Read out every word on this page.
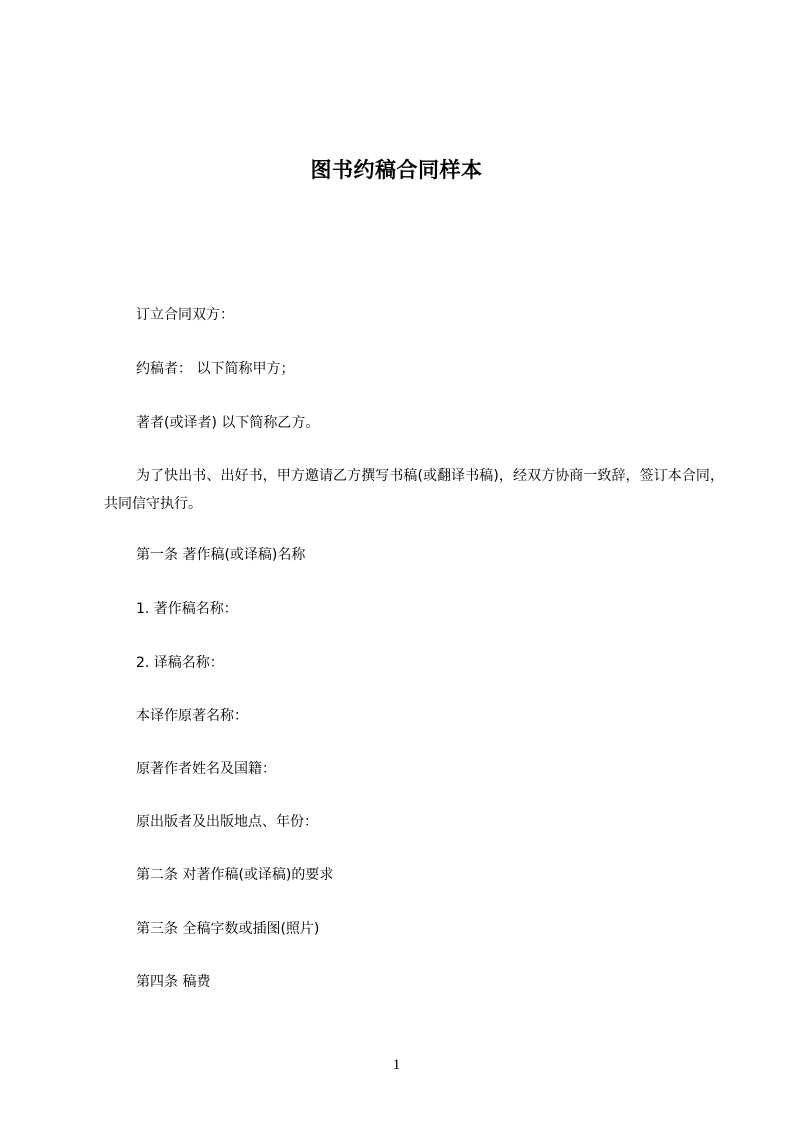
图书约稿合同样本

订立合同双方：

约稿者： 以下简称甲方；

著者(或译者) 以下简称乙方。

为了快出书、出好书，甲方邀请乙方撰写书稿(或翻译书稿)，经双方协商一致辞，签订本合同，共同信守执行。

第一条 著作稿(或译稿)名称

1. 著作稿名称：

2. 译稿名称：

本译作原著名称：

原著作者姓名及国籍：

原出版者及出版地点、年份：

第二条 对著作稿(或译稿)的要求

第三条 全稿字数或插图(照片)

第四条 稿费

1
